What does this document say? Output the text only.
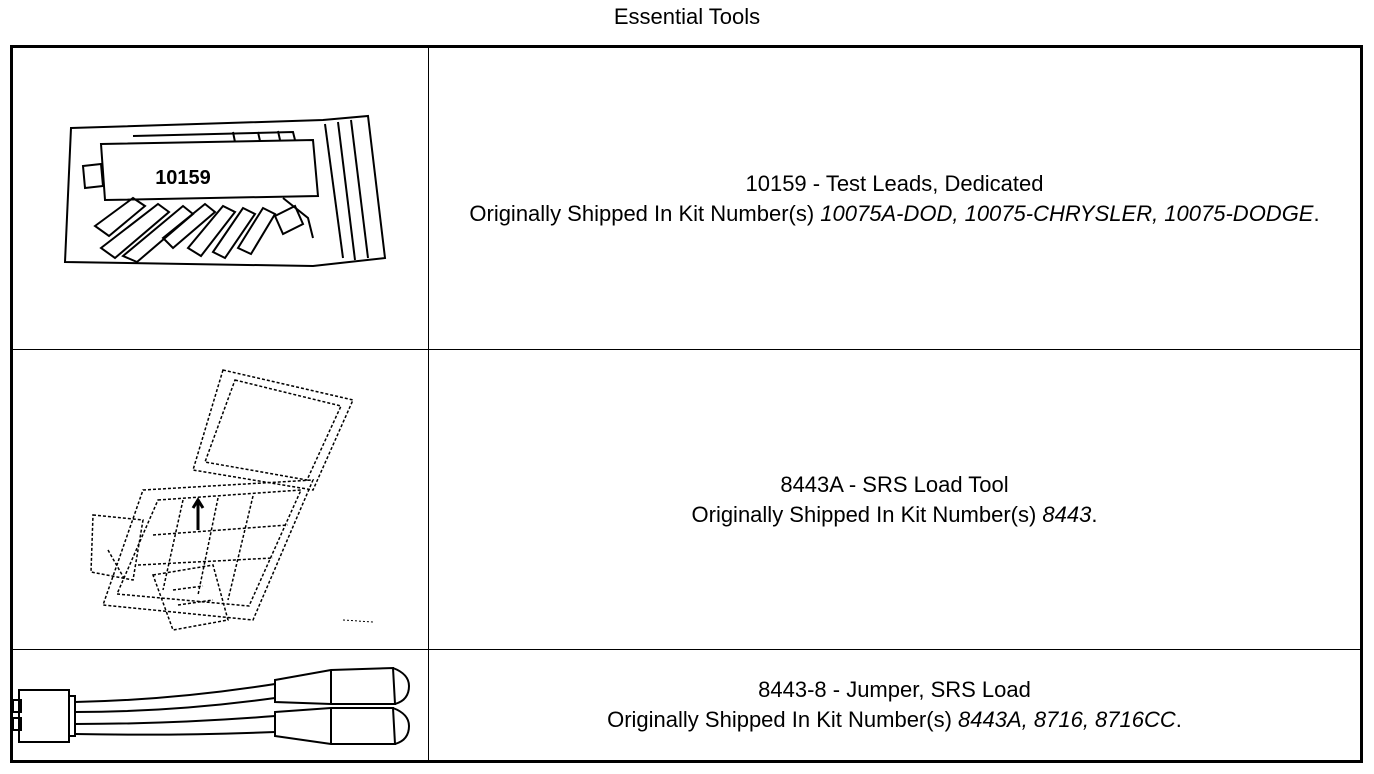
Essential Tools
10159	10159 - Test Leads, Dedicated
Originally Shipped In Kit Number(s) 10075A-DOD, 10075-CHRYSLER, 10075-DODGE.
8443A - SRS Load Tool
Originally Shipped In Kit Number(s) 8443.
8443-8 - Jumper, SRS Load
Originally Shipped In Kit Number(s) 8443A, 8716, 8716CC.
